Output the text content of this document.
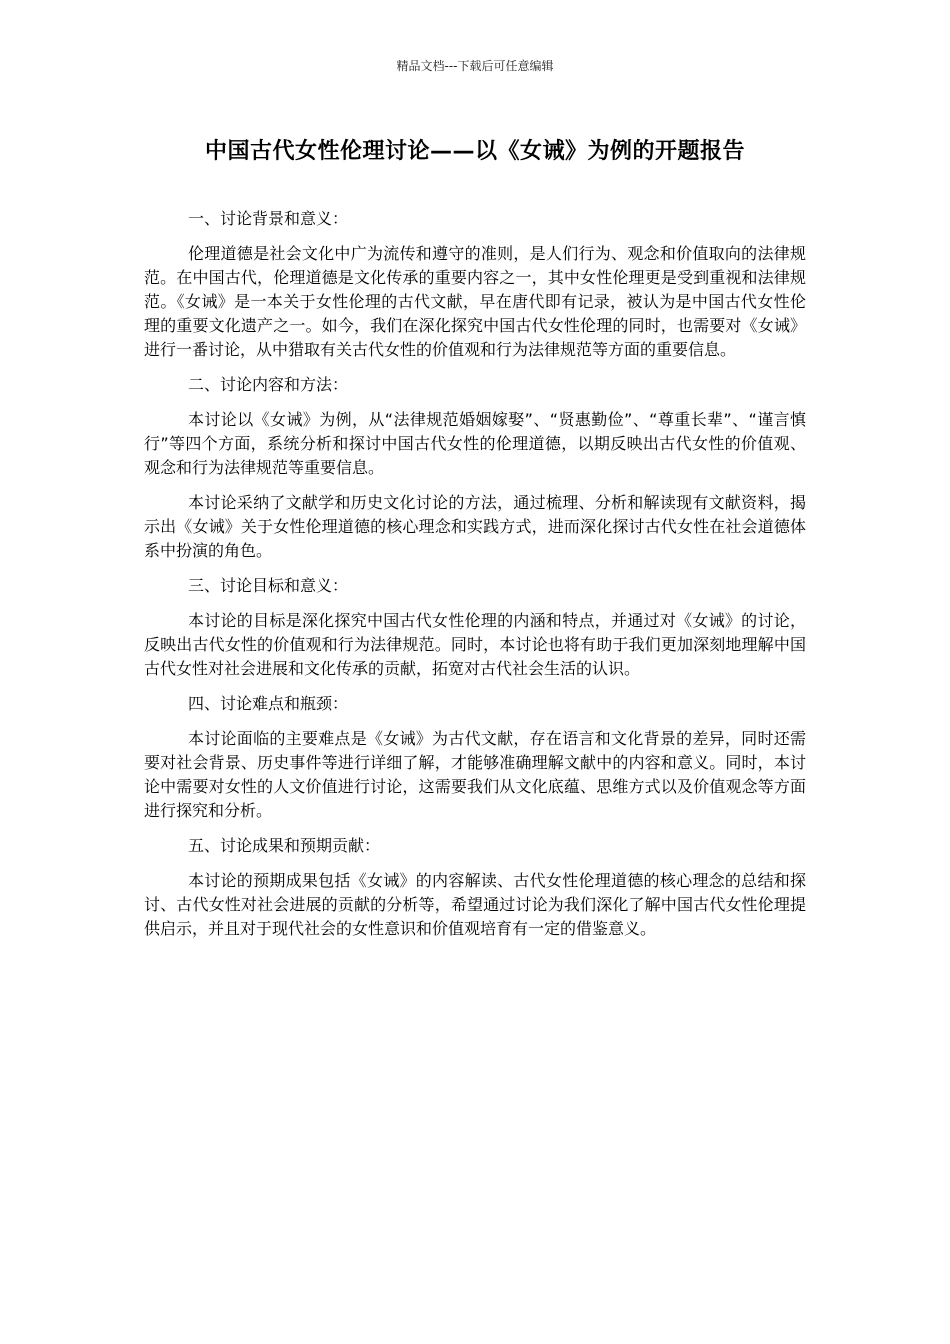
精品文档---下载后可任意编辑
中国古代女性伦理讨论——以《女诫》为例的开题报告

一、讨论背景和意义：

伦理道德是社会文化中广为流传和遵守的准则，是人们行为、观念和价值取向的法律规范。在中国古代，伦理道德是文化传承的重要内容之一，其中女性伦理更是受到重视和法律规范。《女诫》是一本关于女性伦理的古代文献，早在唐代即有记录，被认为是中国古代女性伦理的重要文化遗产之一。如今，我们在深化探究中国古代女性伦理的同时，也需要对《女诫》进行一番讨论，从中猎取有关古代女性的价值观和行为法律规范等方面的重要信息。

二、讨论内容和方法：

本讨论以《女诫》为例，从“法律规范婚姻嫁娶”、“贤惠勤俭”、“尊重长辈”、“谨言慎行”等四个方面，系统分析和探讨中国古代女性的伦理道德，以期反映出古代女性的价值观、观念和行为法律规范等重要信息。

本讨论采纳了文献学和历史文化讨论的方法，通过梳理、分析和解读现有文献资料，揭示出《女诫》关于女性伦理道德的核心理念和实践方式，进而深化探讨古代女性在社会道德体系中扮演的角色。

三、讨论目标和意义：

本讨论的目标是深化探究中国古代女性伦理的内涵和特点，并通过对《女诫》的讨论，反映出古代女性的价值观和行为法律规范。同时，本讨论也将有助于我们更加深刻地理解中国古代女性对社会进展和文化传承的贡献，拓宽对古代社会生活的认识。

四、讨论难点和瓶颈：

本讨论面临的主要难点是《女诫》为古代文献，存在语言和文化背景的差异，同时还需要对社会背景、历史事件等进行详细了解，才能够准确理解文献中的内容和意义。同时，本讨论中需要对女性的人文价值进行讨论，这需要我们从文化底蕴、思维方式以及价值观念等方面进行探究和分析。

五、讨论成果和预期贡献：

本讨论的预期成果包括《女诫》的内容解读、古代女性伦理道德的核心理念的总结和探讨、古代女性对社会进展的贡献的分析等，希望通过讨论为我们深化了解中国古代女性伦理提供启示，并且对于现代社会的女性意识和价值观培育有一定的借鉴意义。
